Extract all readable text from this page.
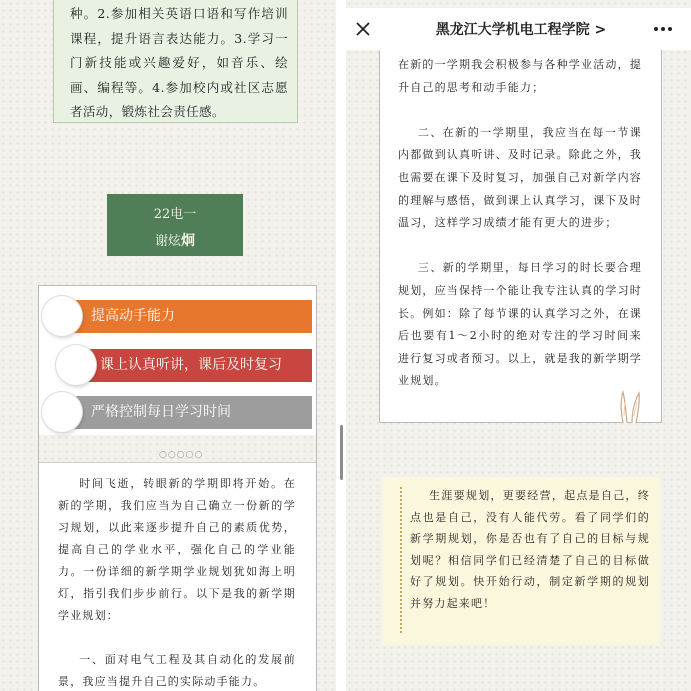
种。2.参加相关英语口语和写作培训课程，提升语言表达能力。3.学习一门新技能或兴趣爱好，如音乐、绘画、编程等。4.参加校内或社区志愿者活动，锻炼社会责任感。

22电一
谢炫炯
提高动手能力
课上认真听讲，课后及时复习
严格控制每日学习时间
○○○○○

时间飞逝，转眼新的学期即将开始。在新的学期，我们应当为自己确立一份新的学习规划，以此来逐步提升自己的素质优势，提高自己的学业水平，强化自己的学业能力。一份详细的新学期学业规划犹如海上明灯，指引我们步步前行。以下是我的新学期学业规划：

一、面对电气工程及其自动化的发展前景，我应当提升自己的实际动手能力。

黑龙江大学机电工程学院 >

在新的一学期我会积极参与各种学业活动，提升自己的思考和动手能力；

二、在新的一学期里，我应当在每一节课内都做到认真听讲、及时记录。除此之外，我也需要在课下及时复习，加强自己对新学内容的理解与感悟，做到课上认真学习，课下及时温习，这样学习成绩才能有更大的进步；

三、新的学期里，每日学习的时长要合理规划，应当保持一个能让我专注认真的学习时长。例如：除了每节课的认真学习之外，在课后也要有1～2小时的绝对专注的学习时间来进行复习或者预习。以上，就是我的新学期学业规划。

生涯要规划，更要经营，起点是自己，终点也是自己，没有人能代劳。看了同学们的新学期规划，你是否也有了自己的目标与规划呢？相信同学们已经清楚了自己的目标做好了规划。快开始行动，制定新学期的规划并努力起来吧！
